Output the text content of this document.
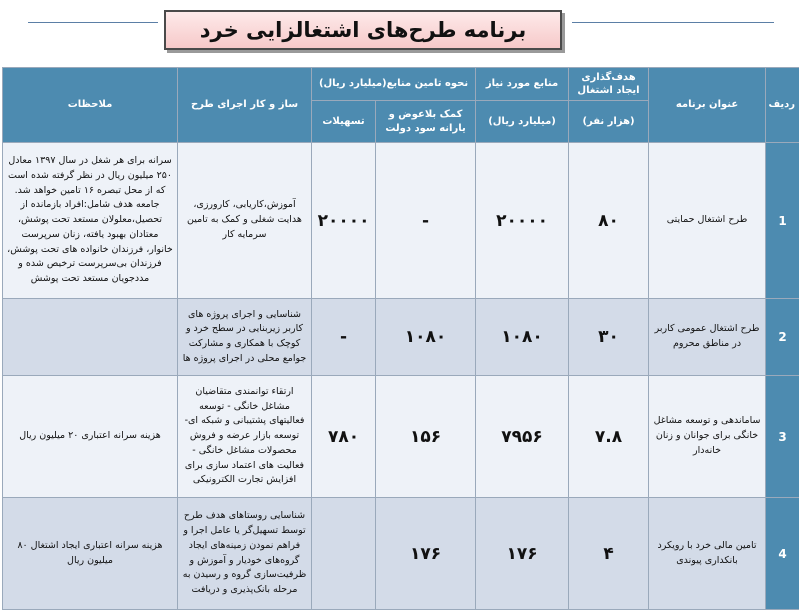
برنامه طرح‌های اشتغالزایی خرد
ردیف	عنوان برنامه	هدف‌گذاری ایجاد اشتغال	منابع مورد نیاز	نحوه تامین منابع(میلیارد ریال)		ساز و کار اجرای طرح	ملاحظات
		(هزار نفر)	(میلیارد ریال)	کمک بلاعوض و یارانه سود دولت	تسهیلات		
1	طرح اشتغال حمایتی	۸۰	۲۰۰۰۰	-	۲۰۰۰۰	آموزش،کاریابی، کارورزی، هدایت شغلی و کمک به تامین سرمایه کار	سرانه برای هر شغل در سال ۱۳۹۷ معادل ۲۵۰ میلیون ریال در نظر گرفته شده است که از محل تبصره ۱۶ تامین خواهد شد. جامعه هدف شامل:افراد بازمانده از تحصیل،معلولان مستعد تحت پوشش، معتادان بهبود یافته، زنان سرپرست خانوار، فرزندان خانواده های تحت پوشش، فرزندان بی‌سرپرست ترخیص شده و مددجویان مستعد تحت پوشش
2	طرح اشتغال عمومی کاربر در مناطق محروم	۳۰	۱۰۸۰	۱۰۸۰	-	شناسایی و اجرای پروژه های کاربر زیربنایی در سطح خرد و کوچک با همکاری و مشارکت جوامع محلی در اجرای پروژه ها	
3	ساماندهی و توسعه مشاغل خانگی برای جوانان و زنان خانه‌دار	۷.۸	۷۹۵۶	۱۵۶	۷۸۰	ارتقاء توانمندی متقاضیان مشاغل خانگی - توسعه فعالیتهای پشتیبانی و شبکه ای- توسعه بازار عرضه و فروش محصولات مشاغل خانگی - فعالیت های اعتماد سازی برای افزایش تجارت الکترونیکی	هزینه سرانه اعتباری ۲۰ میلیون ریال
4	تامین مالی خرد با رویکرد بانکداری پیوندی	۴	۱۷۶	۱۷۶		شناسایی روستاهای هدف طرح توسط تسهیل‌گر یا عامل اجرا و فراهم نمودن زمینه‌های ایجاد گروه‌های خودیار و آموزش و ظرفیت‌سازی گروه و رسیدن به مرحله بانک‌پذیری و دریافت	هزینه سرانه اعتباری ایجاد اشتغال ۸۰ میلیون ریال
